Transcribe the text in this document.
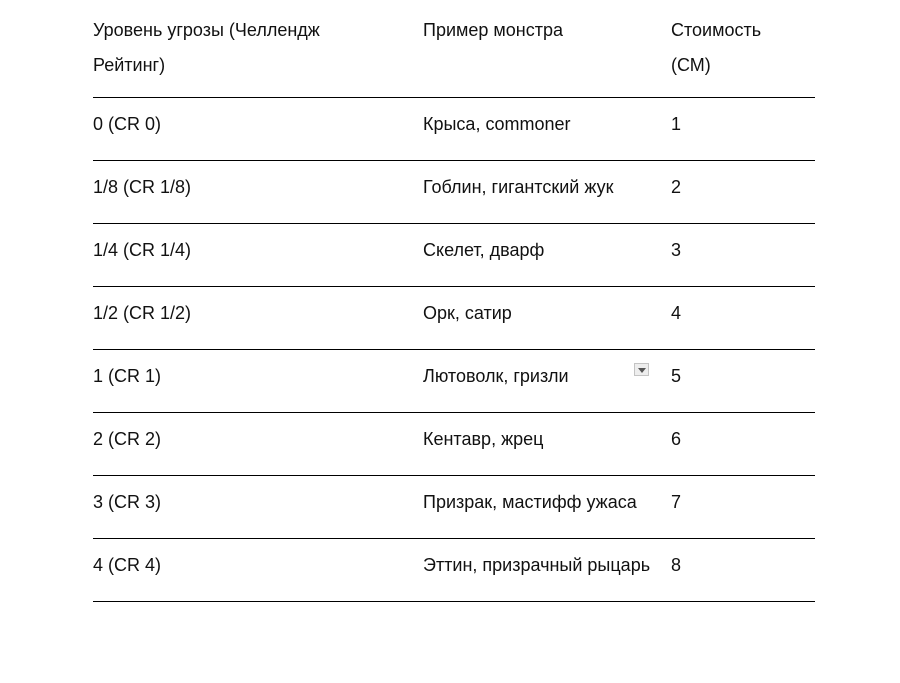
Уровень угрозы (Челлендж Рейтинг)	Пример монстра	Стоимость (СМ)

0 (CR 0)	Крыса, commoner	1

1/8 (CR 1/8)	Гоблин, гигантский жук	2

1/4 (CR 1/4)	Скелет, дварф	3

1/2 (CR 1/2)	Орк, сатир	4

1 (CR 1)	Лютоволк, гризли	5

2 (CR 2)	Кентавр, жрец	6

3 (CR 3)	Призрак, мастифф ужаса	7

4 (CR 4)	Эттин, призрачный рыцарь	8
